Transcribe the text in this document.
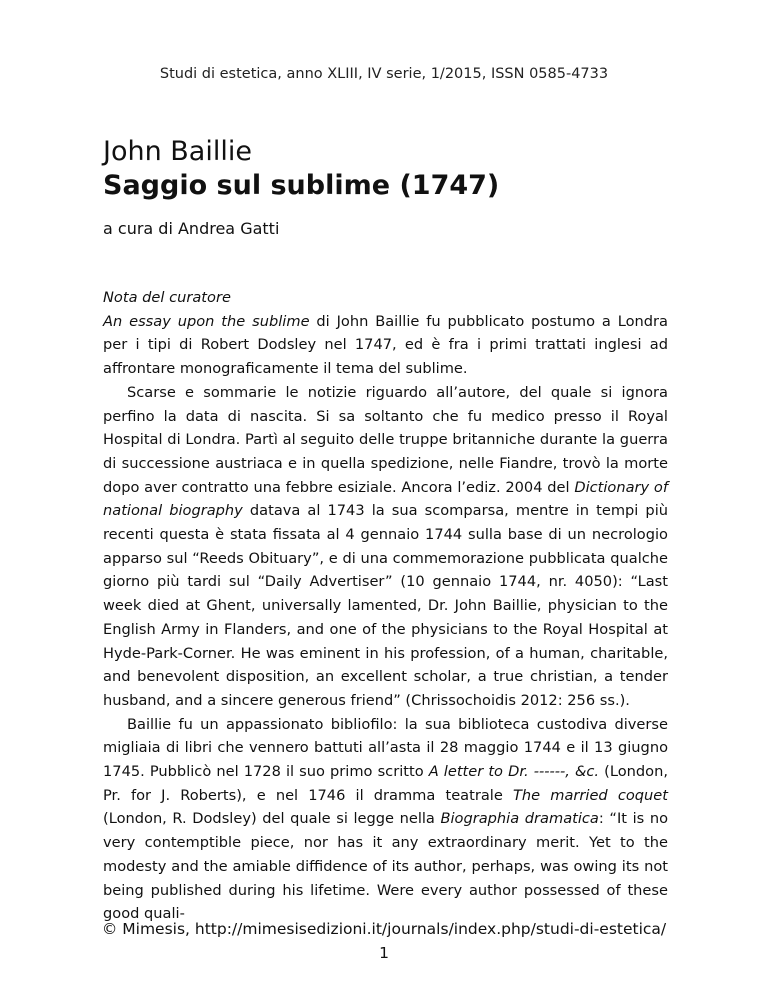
Studi di estetica, anno XLIII, IV serie, 1/2015, ISSN 0585-4733
John Baillie
Saggio sul sublime (1747)
a cura di Andrea Gatti

Nota del curatore

An essay upon the sublime di John Baillie fu pubblicato postumo a Londra per i tipi di Robert Dodsley nel 1747, ed è fra i primi trattati inglesi ad affrontare monograficamente il tema del sublime.

Scarse e sommarie le notizie riguardo all’autore, del quale si ignora perfino la data di nascita. Si sa soltanto che fu medico presso il Royal Hospital di Londra. Partì al seguito delle truppe britanniche durante la guerra di successione austriaca e in quella spedizione, nelle Fiandre, trovò la morte dopo aver contratto una febbre esiziale. Ancora l’ediz. 2004 del Dictionary of national biography datava al 1743 la sua scomparsa, mentre in tempi più recenti questa è stata fissata al 4 gennaio 1744 sulla base di un necrologio apparso sul “Reeds Obituary”, e di una commemorazione pubblicata qualche giorno più tardi sul “Daily Advertiser” (10 gennaio 1744, nr. 4050): “Last week died at Ghent, universally lamented, Dr. John Baillie, physician to the English Army in Flanders, and one of the physicians to the Royal Hospital at Hyde-Park-Corner. He was eminent in his profession, of a human, charitable, and benevolent disposition, an excellent scholar, a true christian, a tender husband, and a sincere generous friend” (Chrissochoidis 2012: 256 ss.).

Baillie fu un appassionato bibliofilo: la sua biblioteca custodiva diverse migliaia di libri che vennero battuti all’asta il 28 maggio 1744 e il 13 giugno 1745. Pubblicò nel 1728 il suo primo scritto A letter to Dr. ------, &c. (London, Pr. for J. Roberts), e nel 1746 il dramma teatrale The married coquet (London, R. Dodsley) del quale si legge nella Biographia dramatica: “It is no very contemptible piece, nor has it any extraordinary merit. Yet to the modesty and the amiable diffidence of its author, perhaps, was owing its not being published during his lifetime. Were every author possessed of these good quali-

© Mimesis, http://mimesisedizioni.it/journals/index.php/studi-di-estetica/
1
